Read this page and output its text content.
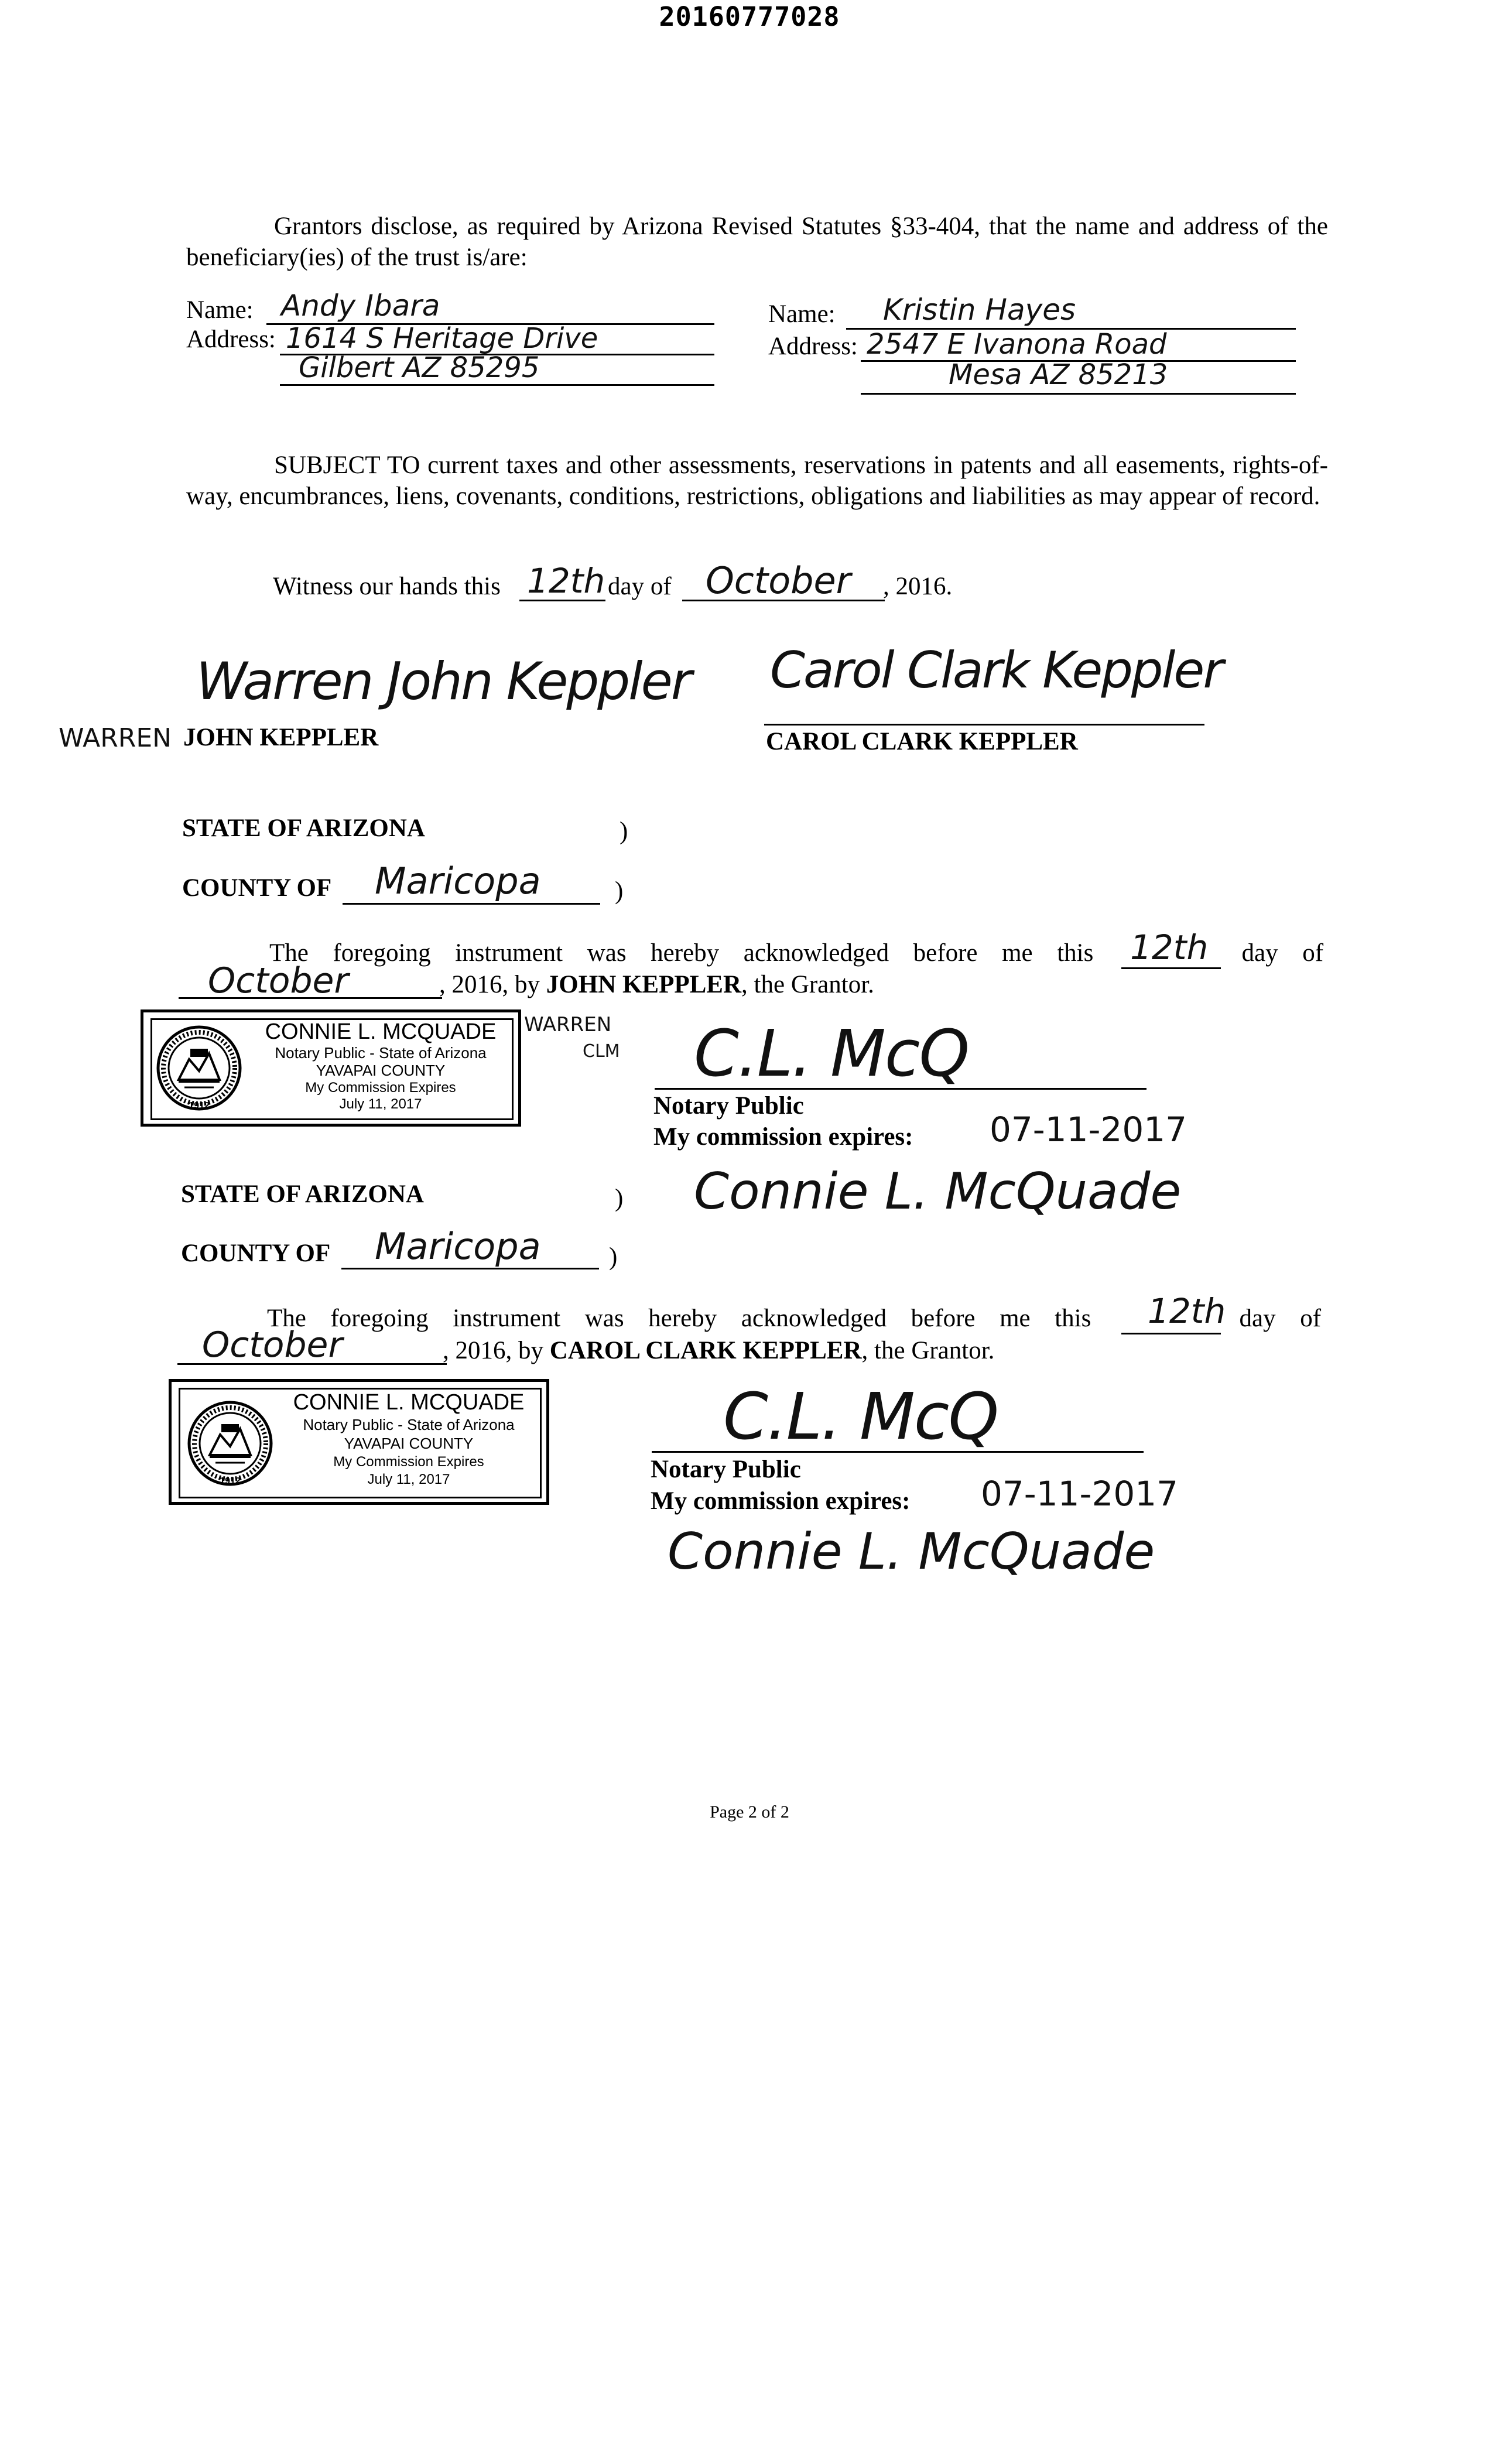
20160777028
Grantors disclose, as required by Arizona Revised Statutes §33-404, that the name and address of the beneficiary(ies) of the trust is/are:
Name: Andy Ibara
Address: 1614 S Heritage Drive
Gilbert AZ 85295
Name: Kristin Hayes
Address: 2547 E Ivanona Road
Mesa AZ 85213
SUBJECT TO current taxes and other assessments, reservations in patents and all easements, rights-of-way, encumbrances, liens, covenants, conditions, restrictions, obligations and liabilities as may appear of record.
Witness our hands this 12th day of October , 2016.
Warren John Keppler
WARREN JOHN KEPPLER
Carol Clark Keppler
CAROL CLARK KEPPLER
STATE OF ARIZONA	)
COUNTY OF Maricopa	)
The foregoing instrument was hereby acknowledged before me this	day of
12th
October	, 2016, by JOHN KEPPLER, the Grantor.
WARREN
CLM C.L. McQ
Notary Public
My commission expires: 07-11-2017
Connie L. McQuade
1912
CONNIE L. MCQUADE
Notary Public - State of Arizona
YAVAPAI COUNTY
My Commission Expires
July 11, 2017
STATE OF ARIZONA	)
COUNTY OF Maricopa	)
The foregoing instrument was hereby acknowledged before me this	day of
12th
October	, 2016, by CAROL CLARK KEPPLER, the Grantor.
C.L. McQ
Notary Public
My commission expires: 07-11-2017
Connie L. McQuade
1912
CONNIE L. MCQUADE
Notary Public - State of Arizona
YAVAPAI COUNTY
My Commission Expires
July 11, 2017
Page 2 of 2
